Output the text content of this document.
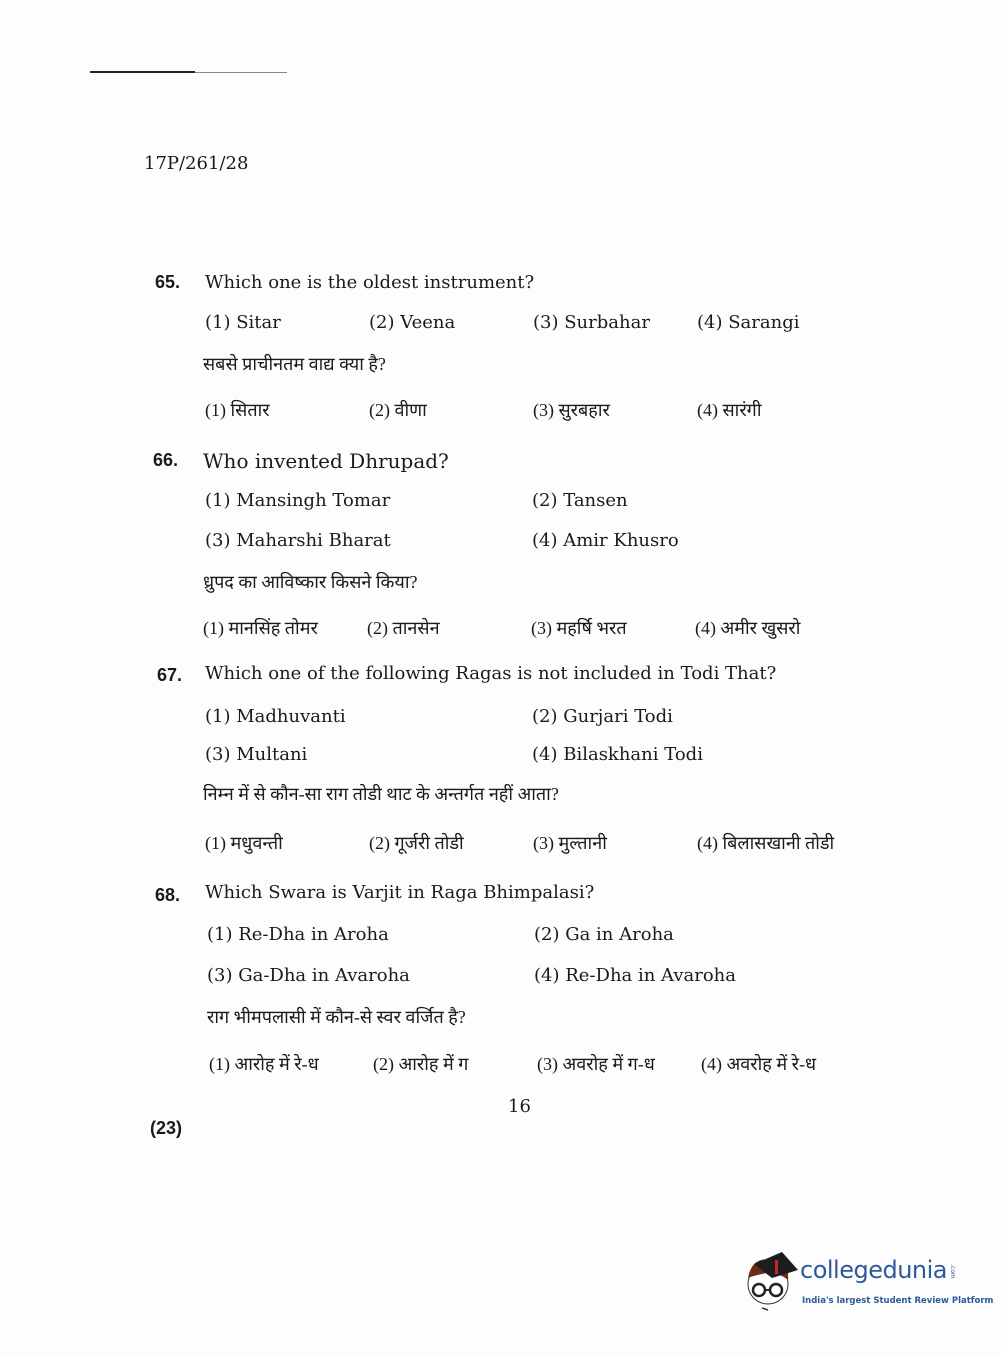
17P/261/28
65. Which one is the oldest instrument?
(1) Sitar	(2) Veena	(3) Surbahar	(4) Sarangi
सबसे प्राचीनतम वाद्य क्या है?
(1) सितार	(2) वीणा	(3) सुरबहार	(4) सारंगी
66. Who invented Dhrupad?
(1) Mansingh Tomar	(2) Tansen
(3) Maharshi Bharat	(4) Amir Khusro
ध्रुपद का आविष्कार किसने किया?
(1) मानसिंह तोमर	(2) तानसेन	(3) महर्षि भरत	(4) अमीर खुसरो
67. Which one of the following Ragas is not included in Todi That?
(1) Madhuvanti	(2) Gurjari Todi
(3) Multani	(4) Bilaskhani Todi
निम्न में से कौन-सा राग तोडी थाट के अन्तर्गत नहीं आता?
(1) मधुवन्ती	(2) गूर्जरी तोडी	(3) मुल्तानी	(4) बिलासखानी तोडी
68. Which Swara is Varjit in Raga Bhimpalasi?
(1) Re-Dha in Aroha	(2) Ga in Aroha
(3) Ga-Dha in Avaroha	(4) Re-Dha in Avaroha
राग भीमपलासी में कौन-से स्वर वर्जित है?
(1) आरोह में रे-ध	(2) आरोह में ग	(3) अवरोह में ग-ध	(4) अवरोह में रे-ध
16
(23)
collegedunia .com
India's largest Student Review Platform
